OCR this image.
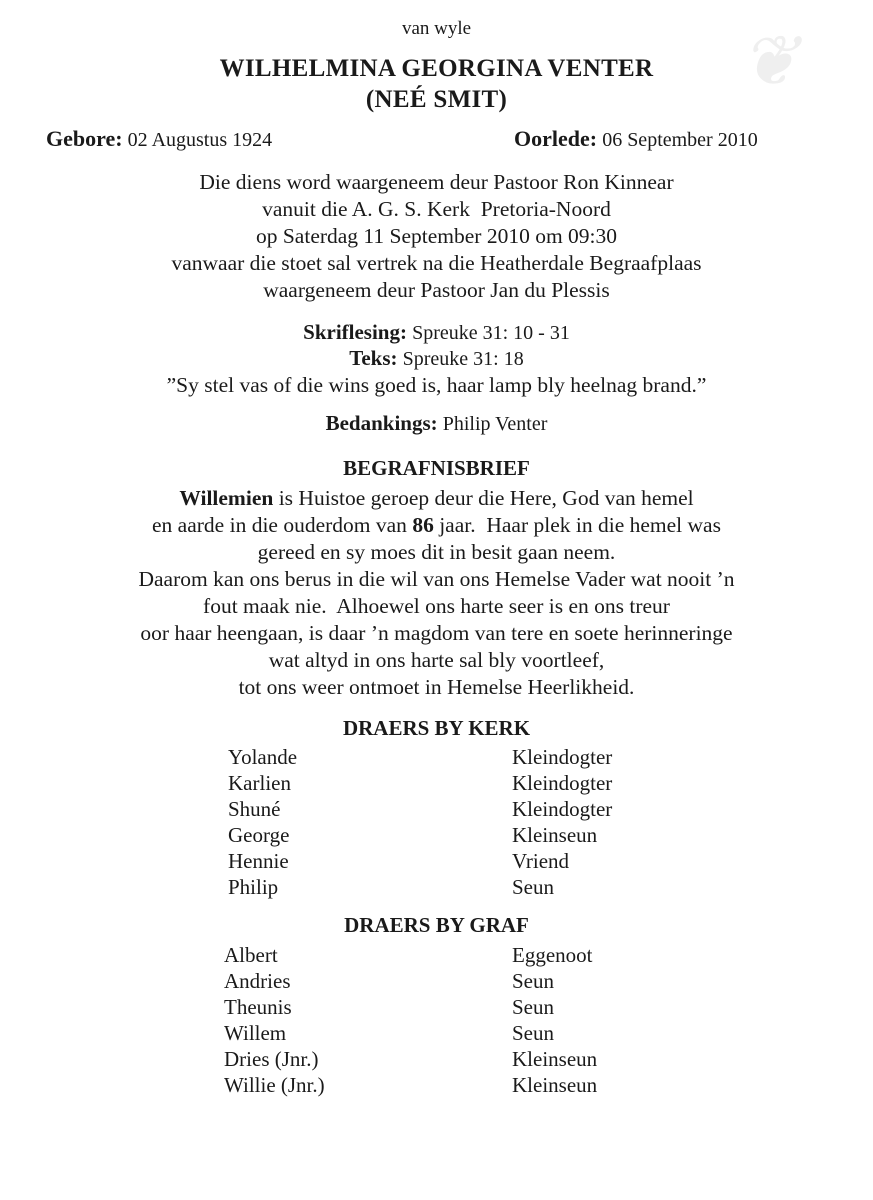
❦
van wyle
WILHELMINA GEORGINA VENTER
(NEÉ SMIT)
Gebore: 02 Augustus 1924	Oorlede: 06 September 2010
Die diens word waargeneem deur Pastoor Ron Kinnear
vanuit die A. G. S. Kerk  Pretoria-Noord
op Saterdag 11 September 2010 om 09:30
vanwaar die stoet sal vertrek na die Heatherdale Begraafplaas
waargeneem deur Pastoor Jan du Plessis
Skriflesing: Spreuke 31: 10 - 31
Teks: Spreuke 31: 18
”Sy stel vas of die wins goed is, haar lamp bly heelnag brand.”
Bedankings: Philip Venter
BEGRAFNISBRIEF
Willemien is Huistoe geroep deur die Here, God van hemel
en aarde in die ouderdom van 86 jaar.  Haar plek in die hemel was
gereed en sy moes dit in besit gaan neem.
Daarom kan ons berus in die wil van ons Hemelse Vader wat nooit ’n
fout maak nie.  Alhoewel ons harte seer is en ons treur
oor haar heengaan, is daar ’n magdom van tere en soete herinneringe
wat altyd in ons harte sal bly voortleef,
tot ons weer ontmoet in Hemelse Heerlikheid.
DRAERS BY KERK
Yolande	Kleindogter
Karlien	Kleindogter
Shuné	Kleindogter
George	Kleinseun
Hennie	Vriend
Philip	Seun
DRAERS BY GRAF
Albert	Eggenoot
Andries	Seun
Theunis	Seun
Willem	Seun
Dries (Jnr.)	Kleinseun
Willie (Jnr.)	Kleinseun
